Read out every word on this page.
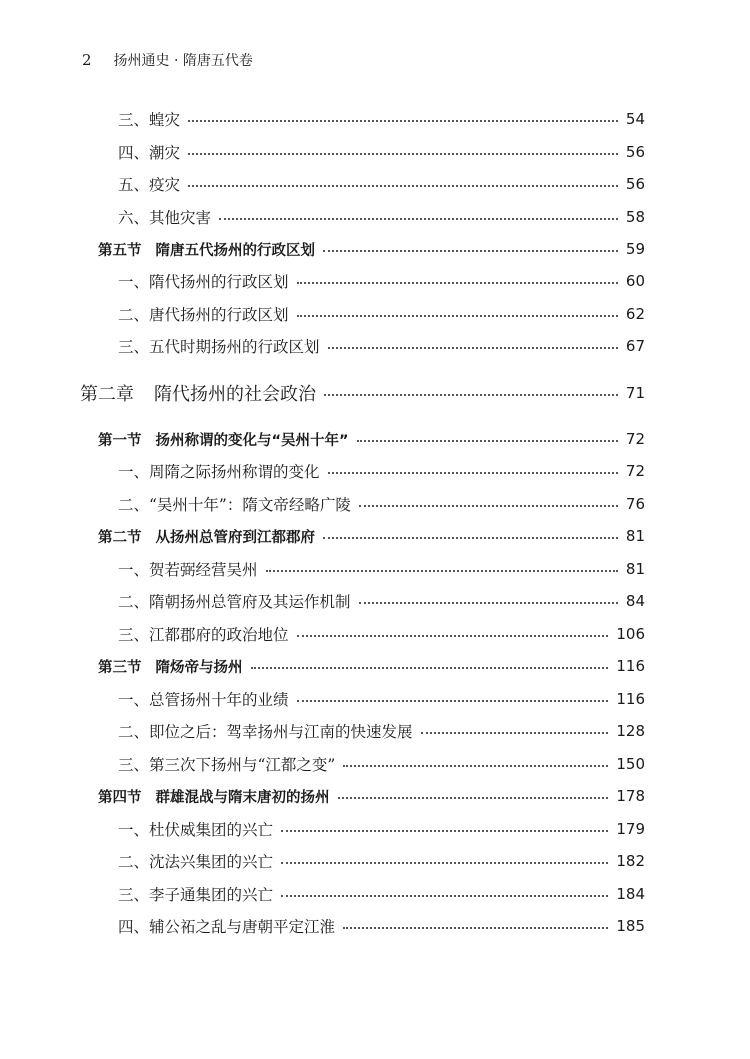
2 扬州通史 · 隋唐五代卷
三、蝗灾	54
四、潮灾	56
五、疫灾	56
六、其他灾害	58
第五节 隋唐五代扬州的行政区划	59
一、隋代扬州的行政区划	60
二、唐代扬州的行政区划	62
三、五代时期扬州的行政区划	67
第二章 隋代扬州的社会政治	71
第一节 扬州称谓的变化与“吴州十年”	72
一、周隋之际扬州称谓的变化	72
二、“吴州十年”：隋文帝经略广陵	76
第二节 从扬州总管府到江都郡府	81
一、贺若弼经营吴州	81
二、隋朝扬州总管府及其运作机制	84
三、江都郡府的政治地位	106
第三节 隋炀帝与扬州	116
一、总管扬州十年的业绩	116
二、即位之后：驾幸扬州与江南的快速发展	128
三、第三次下扬州与“江都之变”	150
第四节 群雄混战与隋末唐初的扬州	178
一、杜伏威集团的兴亡	179
二、沈法兴集团的兴亡	182
三、李子通集团的兴亡	184
四、辅公祏之乱与唐朝平定江淮	185
